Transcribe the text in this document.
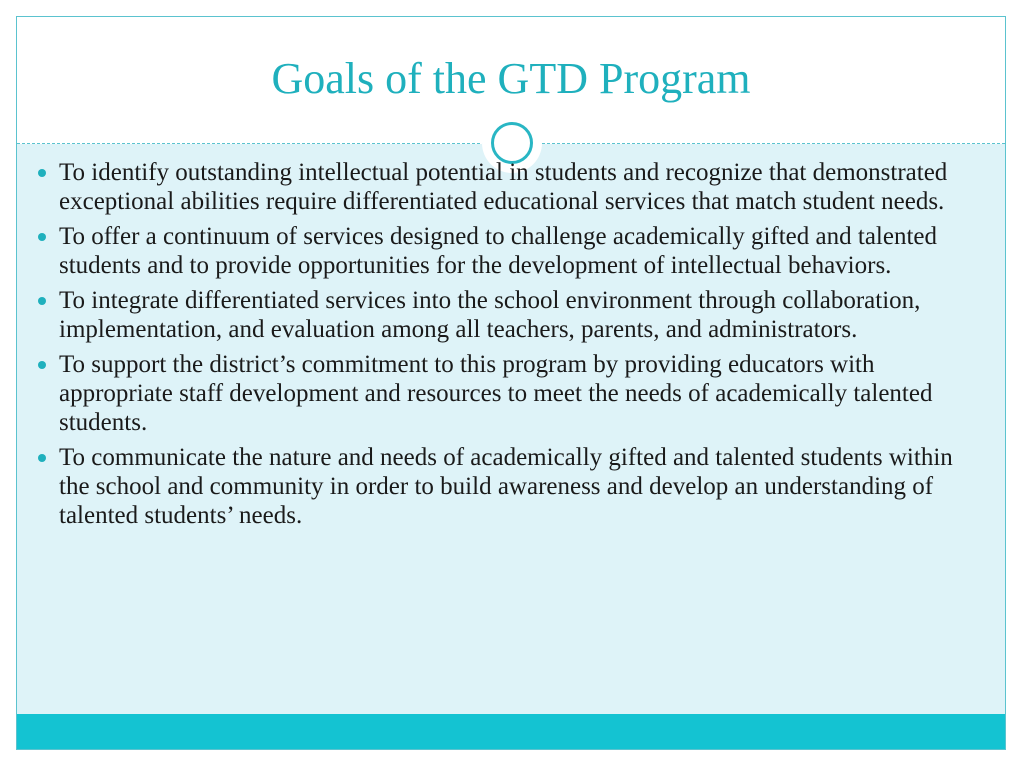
Goals of the GTD Program
To identify outstanding intellectual potential in students and recognize that demonstrated exceptional abilities require differentiated educational services that match student needs.
To offer a continuum of services designed to challenge academically gifted and talented students and to provide opportunities for the development of intellectual behaviors.
To integrate differentiated services into the school environment through collaboration, implementation, and evaluation among all teachers, parents, and administrators.
To support the district’s commitment to this program by providing educators with appropriate staff development and resources to meet the needs of academically talented students.
To communicate the nature and needs of academically gifted and talented students within the school and community in order to build awareness and develop an understanding of talented students’ needs.
